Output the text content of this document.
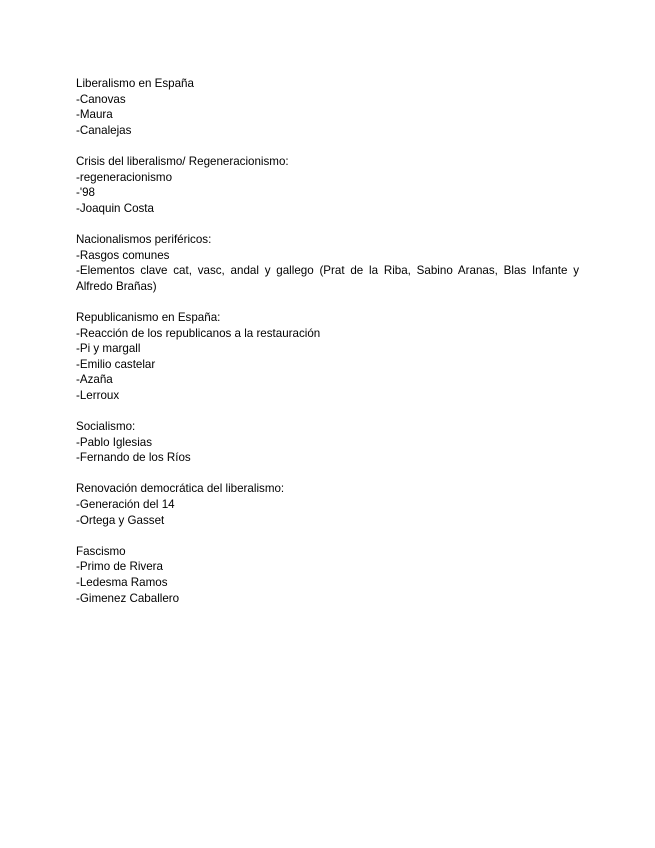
Liberalismo en España
-Canovas
-Maura
-Canalejas
Crisis del liberalismo/ Regeneracionismo:
-regeneracionismo
-'98
-Joaquin Costa
Nacionalismos periféricos:
-Rasgos comunes
-Elementos clave cat, vasc, andal y gallego (Prat de la Riba, Sabino Aranas, Blas Infante y Alfredo Brañas)
Republicanismo en España:
-Reacción de los republicanos a la restauración
-Pi y margall
-Emilio castelar
-Azaña
-Lerroux
Socialismo:
-Pablo Iglesias
-Fernando de los Ríos
Renovación democrática del liberalismo:
-Generación del 14
-Ortega y Gasset
Fascismo
-Primo de Rivera
-Ledesma Ramos
-Gimenez Caballero
